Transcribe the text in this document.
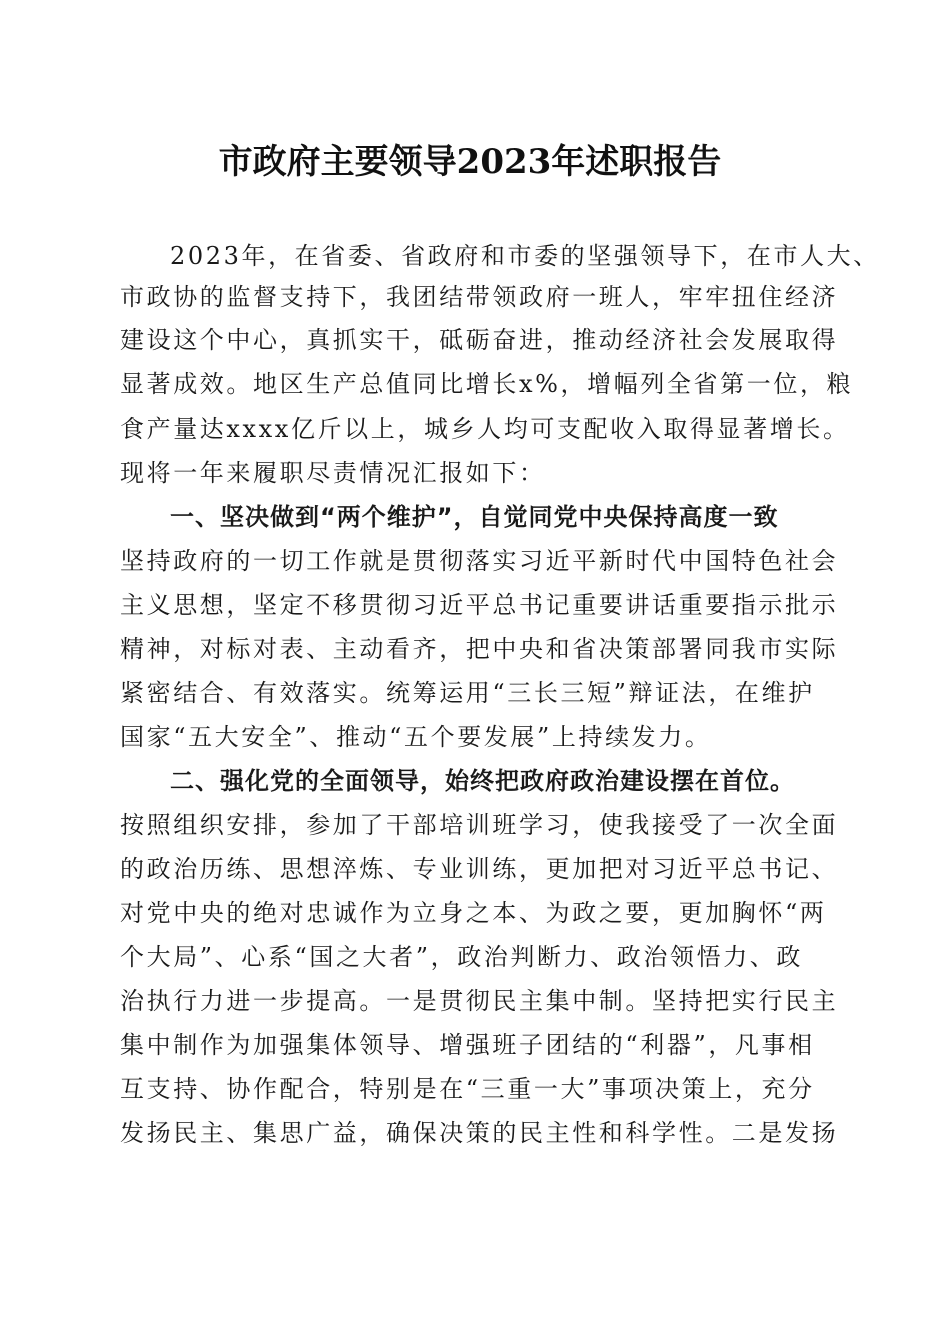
市政府主要领导2023年述职报告
2023年，在省委、省政府和市委的坚强领导下，在市人大、
市政协的监督支持下，我团结带领政府一班人，牢牢扭住经济
建设这个中心，真抓实干，砥砺奋进，推动经济社会发展取得
显著成效。地区生产总值同比增长x%，增幅列全省第一位，粮
食产量达xxxx亿斤以上，城乡人均可支配收入取得显著增长。
现将一年来履职尽责情况汇报如下：
一、坚决做到“两个维护”，自觉同党中央保持高度一致
坚持政府的一切工作就是贯彻落实习近平新时代中国特色社会
主义思想，坚定不移贯彻习近平总书记重要讲话重要指示批示
精神，对标对表、主动看齐，把中央和省决策部署同我市实际
紧密结合、有效落实。统筹运用“三长三短”辩证法，在维护
国家“五大安全”、推动“五个要发展”上持续发力。
二、强化党的全面领导，始终把政府政治建设摆在首位。
按照组织安排，参加了干部培训班学习，使我接受了一次全面
的政治历练、思想淬炼、专业训练，更加把对习近平总书记、
对党中央的绝对忠诚作为立身之本、为政之要，更加胸怀“两
个大局”、心系“国之大者”，政治判断力、政治领悟力、政
治执行力进一步提高。一是贯彻民主集中制。坚持把实行民主
集中制作为加强集体领导、增强班子团结的“利器”，凡事相
互支持、协作配合，特别是在“三重一大”事项决策上，充分
发扬民主、集思广益，确保决策的民主性和科学性。二是发扬
